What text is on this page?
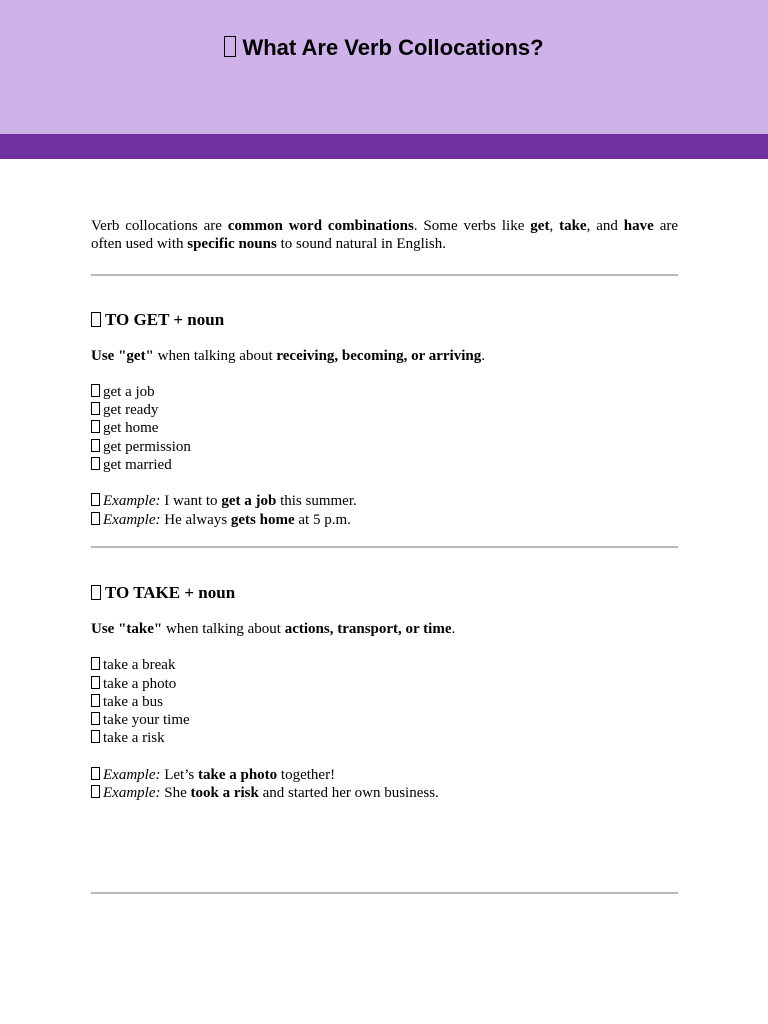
What Are Verb Collocations?

Verb collocations are common word combinations. Some verbs like get, take, and have are often used with specific nouns to sound natural in English.

TO GET + noun

Use "get" when talking about receiving, becoming, or arriving.

get a job
get ready
get home
get permission
get married
Example: I want to get a job this summer.
Example: He always gets home at 5 p.m.

TO TAKE + noun

Use "take" when talking about actions, transport, or time.

take a break
take a photo
take a bus
take your time
take a risk
Example: Let’s take a photo together!
Example: She took a risk and started her own business.
